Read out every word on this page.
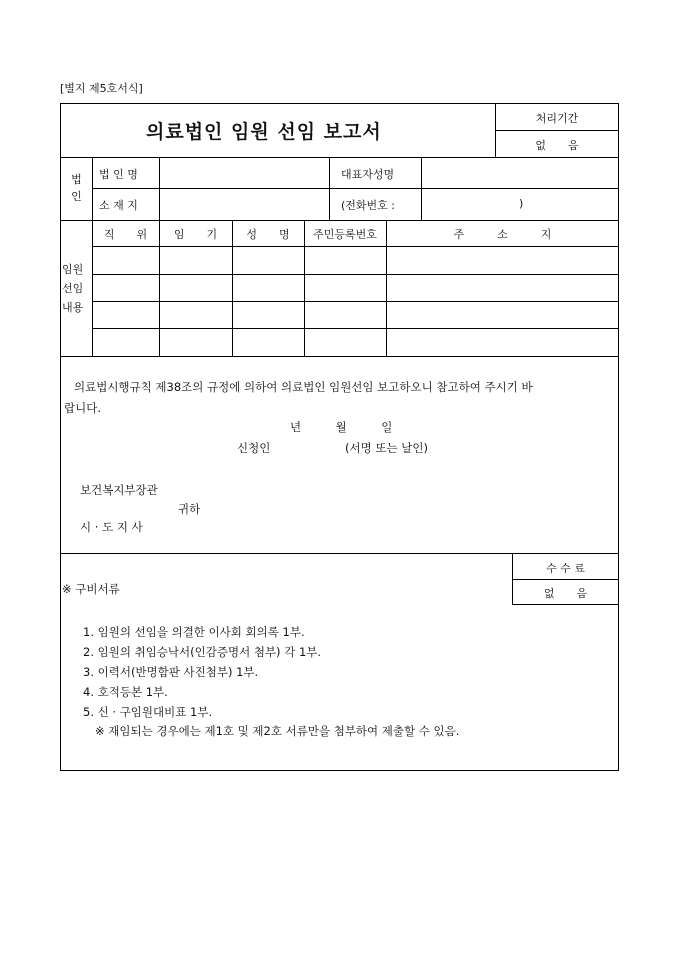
[별지 제5호서식]
의료법인 임원 선임 보고서
처리기간
없　　음
법
인
법 인 명	대표자성명
소 재 지	(전화번호 :	)
임원
선임
내용
직　　위	임　　기	성　　명	주민등록번호	주　　　소　　　지
의료법시행규칙 제38조의 규정에 의하여 의료법인 임원선임 보고하오니 참고하여 주시기 바
랍니다.
년　　　월　　　일
신청인	(서명 또는 날인)
보건복지부장관
귀하
시 · 도 지 사
수 수 료
없　　음
※ 구비서류
1. 임원의 선임을 의결한 이사회 회의록 1부.
2. 임원의 취임승낙서(인감증명서 첨부) 각 1부.
3. 이력서(반명함판 사진첨부) 1부.
4. 호적등본 1부.
5. 신 · 구임원대비표 1부.
※ 재임되는 경우에는 제1호 및 제2호 서류만을 첨부하여 제출할 수 있음.
